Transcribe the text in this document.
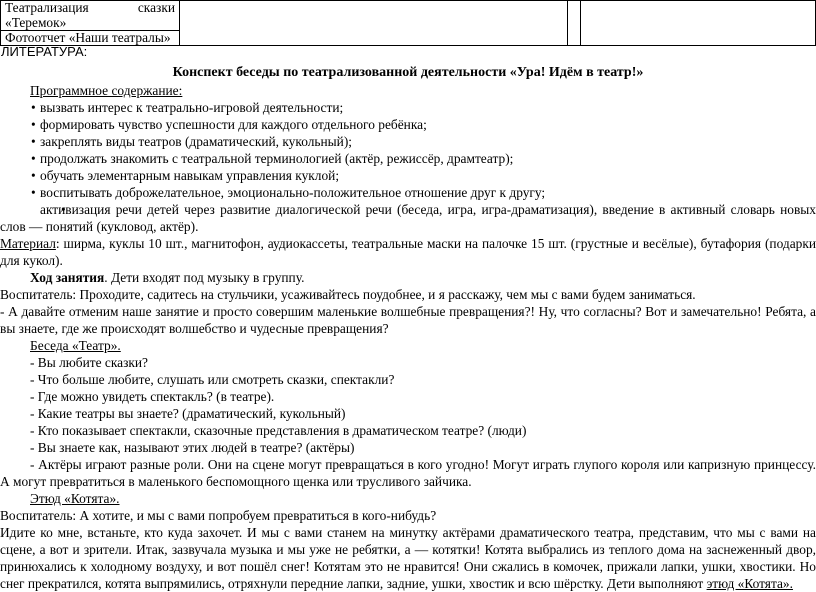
Театрализация	сказки
«Теремок»
Фотоотчет «Наши театралы»
ЛИТЕРАТУРА:
Конспект беседы по театрализованной деятельности «Ура! Идём в театр!»
Программное содержание:
• вызвать интерес к театрально-игровой деятельности;
• формировать чувство успешности для каждого отдельного ребёнка;
• закреплять виды театров (драматический, кукольный);
• продолжать знакомить с театральной терминологией (актёр, режиссёр, драмтеатр);
• обучать элементарным навыкам управления куклой;
• воспитывать доброжелательное, эмоционально-положительное отношение друг к другу;
• активизация речи детей через развитие диалогической речи (беседа, игра, игра-драматизация), введение в активный словарь новых слов — понятий (кукловод, актёр).

Материал: ширма, куклы 10 шт., магнитофон, аудиокассеты, театральные маски на палочке 15 шт. (грустные и весёлые), бутафория (подарки для кукол).

Ход занятия. Дети входят под музыку в группу.

Воспитатель: Проходите, садитесь на стульчики, усаживайтесь поудобнее, и я расскажу, чем мы с вами будем заниматься.

- А давайте отменим наше занятие и просто совершим маленькие волшебные превращения?! Ну, что согласны? Вот и замечательно! Ребята, а вы знаете, где же происходят волшебство и чудесные превращения?

Беседа «Театр».
- Вы любите сказки?
- Что больше любите, слушать или смотреть сказки, спектакли?
- Где можно увидеть спектакль? (в театре).
- Какие театры вы знаете? (драматический, кукольный)
- Кто показывает спектакли, сказочные представления в драматическом театре? (люди)
- Вы знаете как, называют этих людей в театре? (актёры)

- Актёры играют разные роли. Они на сцене могут превращаться в кого угодно! Могут играть глупого короля или капризную принцессу. А могут превратиться в маленького беспомощного щенка или трусливого зайчика.

Этюд «Котята».

Воспитатель: А хотите, и мы с вами попробуем превратиться в кого-нибудь?

Идите ко мне, встаньте, кто куда захочет. И мы с вами станем на минутку актёрами драматического театра, представим, что мы с вами на сцене, а вот и зрители. Итак, зазвучала музыка и мы уже не ребятки, а — котятки! Котята выбрались из теплого дома на заснеженный двор, принюхались к холодному воздуху, и вот пошёл снег! Котятам это не нравится! Они сжались в комочек, прижали лапки, ушки, хвостики. Но снег прекратился, котята выпрямились, отряхнули передние лапки, задние, ушки, хвостик и всю шёрстку. Дети выполняют этюд «Котята».
